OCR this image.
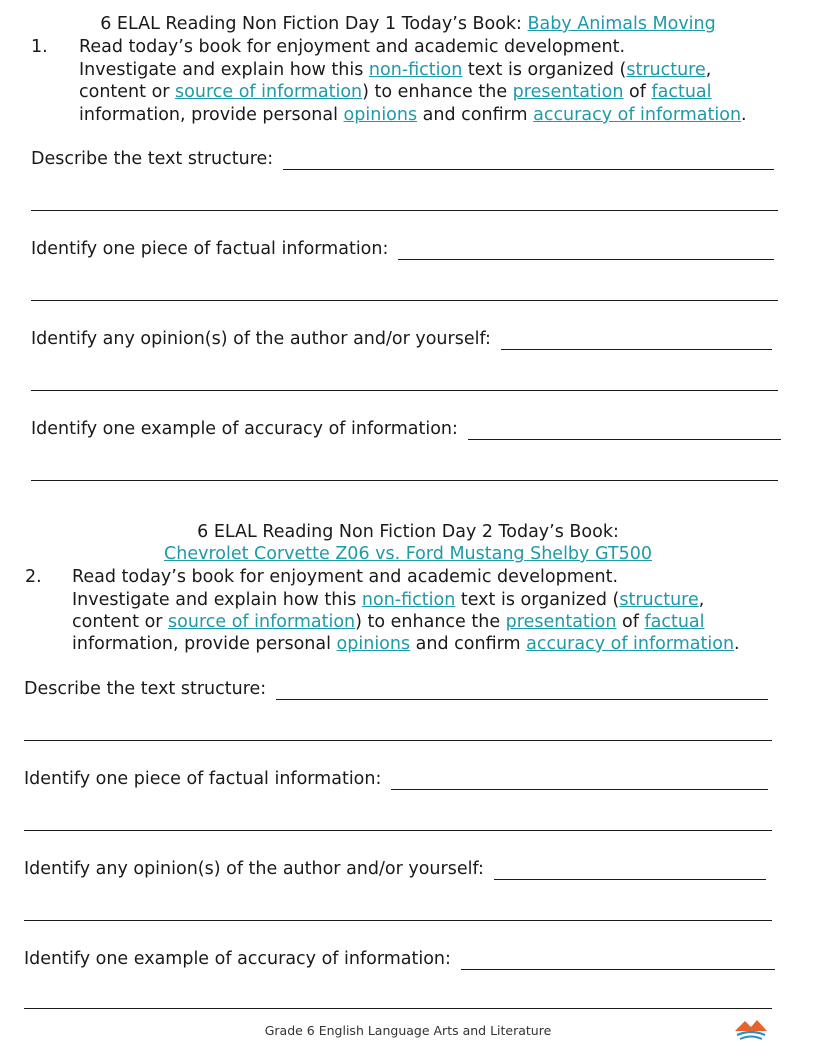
6 ELAL Reading Non Fiction Day 1 Today’s Book: Baby Animals Moving
1. Read today’s book for enjoyment and academic development.
Investigate and explain how this non-fiction text is organized (structure,
content or source of information) to enhance the presentation of factual
information, provide personal opinions and confirm accuracy of information.
Describe the text structure:
Identify one piece of factual information:
Identify any opinion(s) of the author and/or yourself:
Identify one example of accuracy of information:
6 ELAL Reading Non Fiction Day 2 Today’s Book:
Chevrolet Corvette Z06 vs. Ford Mustang Shelby GT500
2. Read today’s book for enjoyment and academic development.
Investigate and explain how this non-fiction text is organized (structure,
content or source of information) to enhance the presentation of factual
information, provide personal opinions and confirm accuracy of information.
Describe the text structure:
Identify one piece of factual information:
Identify any opinion(s) of the author and/or yourself:
Identify one example of accuracy of information:
Grade 6 English Language Arts and Literature
